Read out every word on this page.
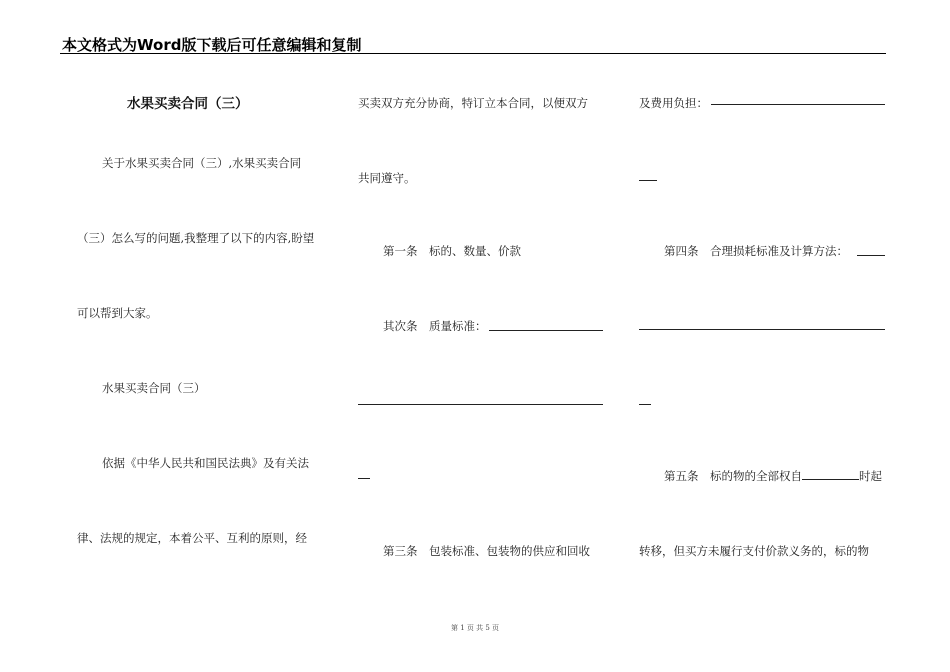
本文格式为Word版下载后可任意编辑和复制
水果买卖合同（三）
关于水果买卖合同（三）,水果买卖合同
（三）怎么写的问题,我整理了以下的内容,盼望
可以帮到大家。
水果买卖合同（三）
依据《中华人民共和国民法典》及有关法
律、法规的规定，本着公平、互利的原则，经
买卖双方充分协商，特订立本合同，以便双方
共同遵守。
第一条　标的、数量、价款
其次条　质量标准：
第三条　包装标准、包装物的供应和回收
及费用负担：
第四条　合理损耗标准及计算方法：
第五条　标的物的全部权自	时起
转移，但买方未履行支付价款义务的，标的物
第 1 页 共 5 页
